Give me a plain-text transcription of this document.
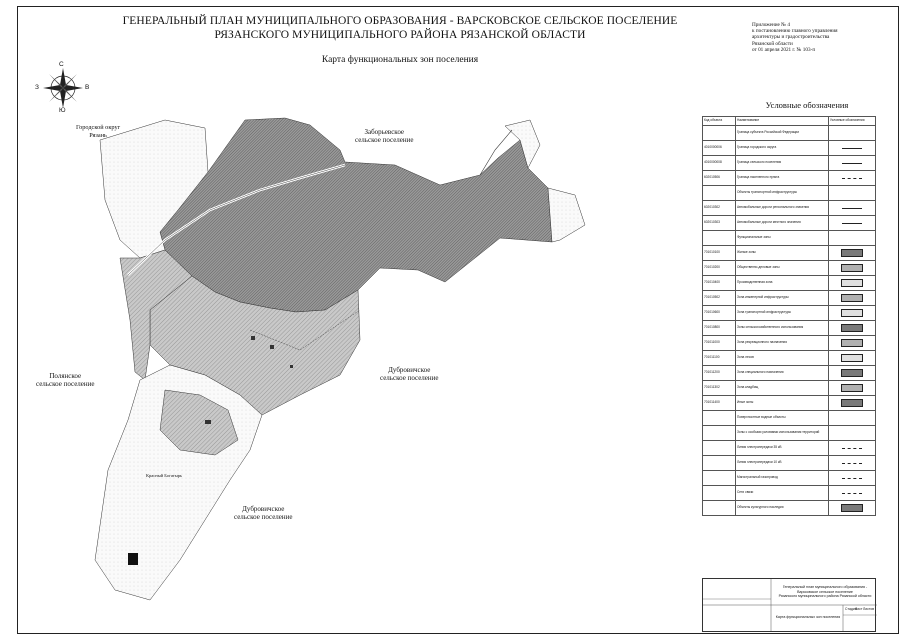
ГЕНЕРАЛЬНЫЙ ПЛАН МУНИЦИПАЛЬНОГО ОБРАЗОВАНИЯ - ВАРСКОВСКОЕ СЕЛЬСКОЕ ПОСЕЛЕНИЕ
РЯЗАНСКОГО МУНИЦИПАЛЬНОГО РАЙОНА РЯЗАНСКОЙ ОБЛАСТИ
Карта функциональных зон поселения
Приложение № 4
к постановлению главного управления
архитектуры и градостроительства
Рязанской области
от 01 апреля 2021 г. № 103-п
С
Ю
З	В
Городской округ
Рязань	Заборьевское
сельское поселение
Дубровичское
сельское поселение
Дубровичское
сельское поселение
Полянское
сельское поселение
Красный Богатырь
Условные обозначения
Код объекта	Наименование	Условные обозначения
	Граница субъекта Российской Федерации	
4010000006	Граница городского округа	

4010000008	Граница сельского поселения	

602010506	Граница населенного пункта	

	Объекты транспортной инфраструктуры	
602010302	Автомобильные дороги регионального значения	

602010303	Автомобильные дороги местного значения	

	Функциональные зоны	
701010100	Жилые зоны	

701010200	Общественно-деловые зоны	

701010400	Производственная зона	

701010502	Зона инженерной инфраструктуры	

701010600	Зона транспортной инфраструктуры	

701010800	Зоны сельскохозяйственного использования	

701011000	Зона рекреационного назначения	

701011100	Зона лесов	

701011200	Зона специального назначения	

701011302	Зона кладбищ	

701011400	Иные зоны	

	Поверхностные водные объекты	
	Зоны с особыми условиями использования территорий	
	Линия электропередачи 35 кВ	

	Линия электропередачи 10 кВ	

	Магистральный газопровод	

	Сети связи	

	Объекты культурного наследия	
Генеральный план муниципального образования - Варсковское сельское поселение
Рязанского муниципального района Рязанской области
Карта функциональных зон поселения
Стадия
Лист Листов
